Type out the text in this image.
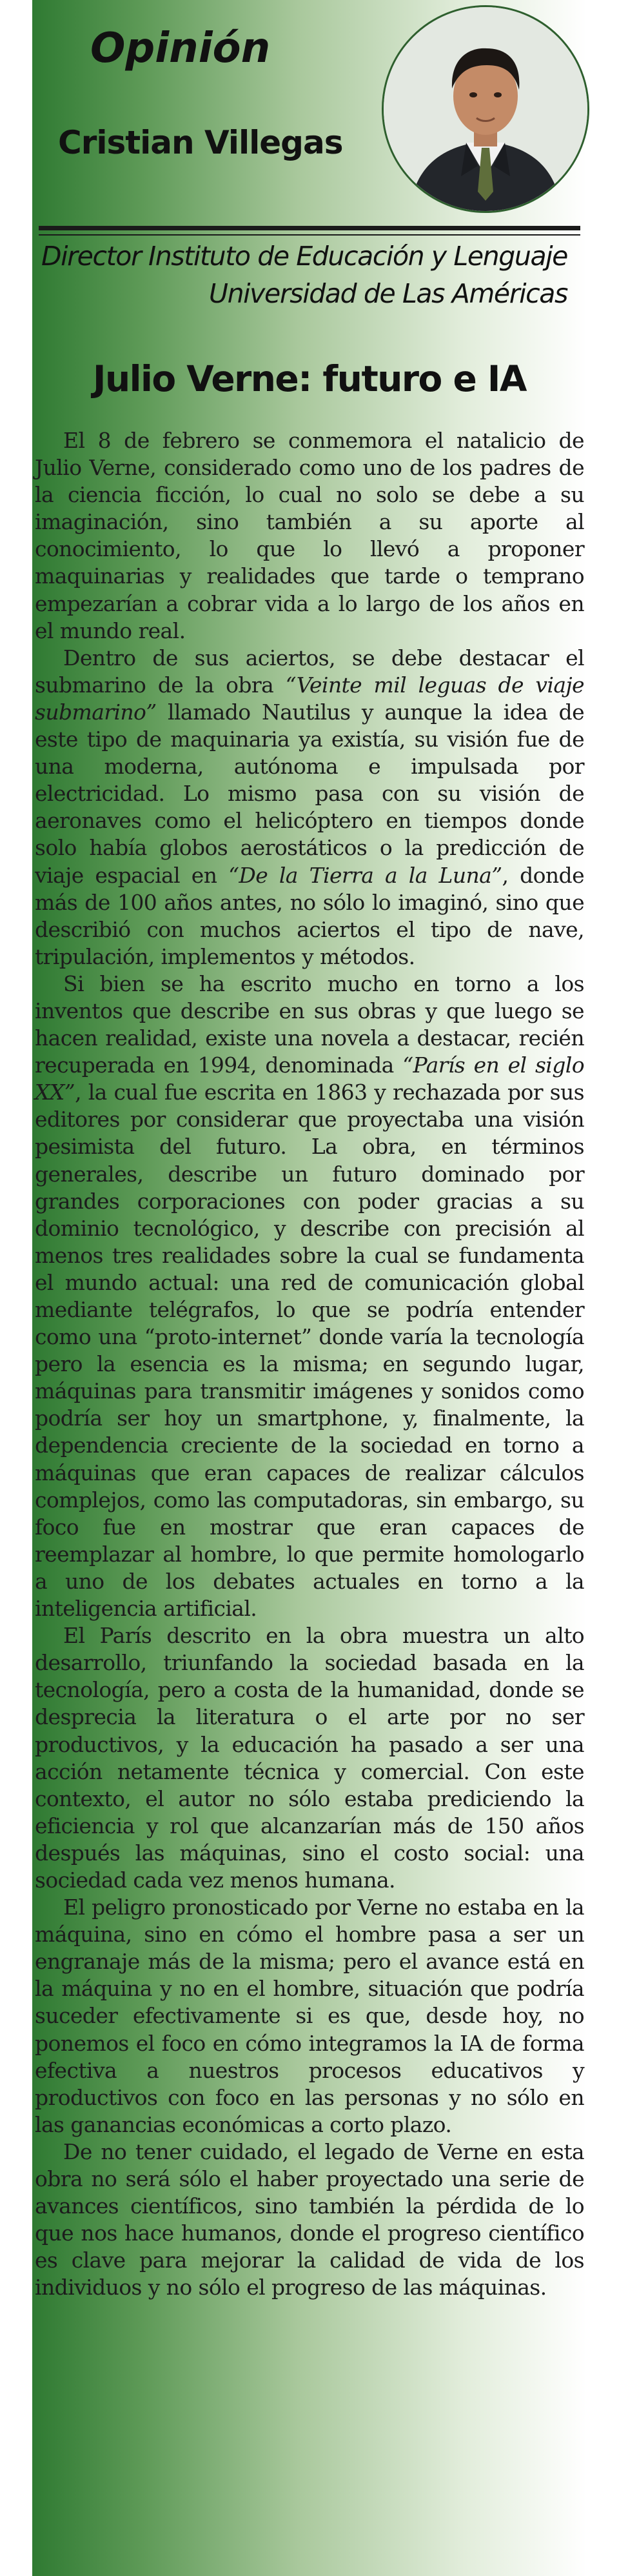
Opinión
Cristian Villegas

Director Instituto de Educación y Lenguaje
Universidad de Las Américas

Julio Verne: futuro e IA

El 8 de febrero se conmemora el natalicio de Julio Verne, considerado como uno de los padres de la ciencia ficción, lo cual no solo se debe a su imaginación, sino también a su aporte al conocimiento, lo que lo llevó a proponer maquinarias y realidades que tarde o temprano empezarían a cobrar vida a lo largo de los años en el mundo real.

Dentro de sus aciertos, se debe destacar el submarino de la obra “Veinte mil leguas de viaje submarino” llamado Nautilus y aunque la idea de este tipo de maquinaria ya existía, su visión fue de una moderna, autónoma e impulsada por electricidad. Lo mismo pasa con su visión de aeronaves como el helicóptero en tiempos donde solo había globos aerostáticos o la predicción de viaje espacial en “De la Tierra a la Luna”, donde más de 100 años antes, no sólo lo imaginó, sino que describió con muchos aciertos el tipo de nave, tripulación, implementos y métodos.

Si bien se ha escrito mucho en torno a los inventos que describe en sus obras y que luego se hacen realidad, existe una novela a destacar, recién recuperada en 1994, denominada “París en el siglo XX”, la cual fue escrita en 1863 y rechazada por sus editores por considerar que proyectaba una visión pesimista del futuro. La obra, en términos generales, describe un futuro dominado por grandes corporaciones con poder gracias a su dominio tecnológico, y describe con precisión al menos tres realidades sobre la cual se fundamenta el mundo actual: una red de comunicación global mediante telégrafos, lo que se podría entender como una “proto-internet” donde varía la tecnología pero la esencia es la misma; en segundo lugar, máquinas para transmitir imágenes y sonidos como podría ser hoy un smartphone, y, finalmente, la dependencia creciente de la sociedad en torno a máquinas que eran capaces de realizar cálculos complejos, como las computadoras, sin embargo, su foco fue en mostrar que eran capaces de reemplazar al hombre, lo que permite homologarlo a uno de los debates actuales en torno a la inteligencia artificial.

El París descrito en la obra muestra un alto desarrollo, triunfando la sociedad basada en la tecnología, pero a costa de la humanidad, donde se desprecia la literatura o el arte por no ser productivos, y la educación ha pasado a ser una acción netamente técnica y comercial. Con este contexto, el autor no sólo estaba prediciendo la eficiencia y rol que alcanzarían más de 150 años después las máquinas, sino el costo social: una sociedad cada vez menos humana.

El peligro pronosticado por Verne no estaba en la máquina, sino en cómo el hombre pasa a ser un engranaje más de la misma; pero el avance está en la máquina y no en el hombre, situación que podría suceder efectivamente si es que, desde hoy, no ponemos el foco en cómo integramos la IA de forma efectiva a nuestros procesos educativos y productivos con foco en las personas y no sólo en las ganancias económicas a corto plazo.

De no tener cuidado, el legado de Verne en esta obra no será sólo el haber proyectado una serie de avances científicos, sino también la pérdida de lo que nos hace humanos, donde el progreso científico es clave para mejorar la calidad de vida de los individuos y no sólo el progreso de las máquinas.
